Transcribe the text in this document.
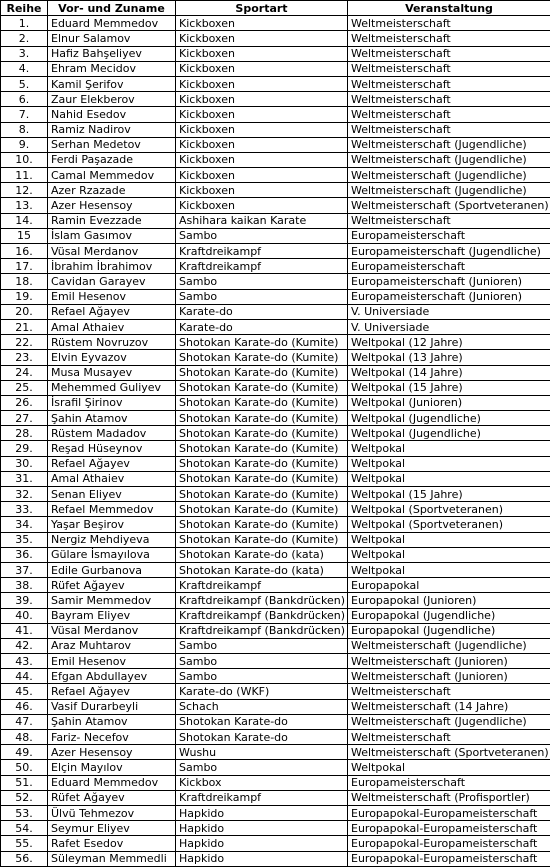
Reihe	Vor- und Zuname	Sportart	Veranstaltung
1.	Eduard Memmedov	Kickboxen	Weltmeisterschaft
2.	Elnur Salamov	Kickboxen	Weltmeisterschaft
3.	Hafiz Bahşeliyev	Kickboxen	Weltmeisterschaft
4.	Ehram Mecidov	Kickboxen	Weltmeisterschaft
5.	Kamil Şerifov	Kickboxen	Weltmeisterschaft
6.	Zaur Elekberov	Kickboxen	Weltmeisterschaft
7.	Nahid Esedov	Kickboxen	Weltmeisterschaft
8.	Ramiz Nadirov	Kickboxen	Weltmeisterschaft
9.	Serhan Medetov	Kickboxen	Weltmeisterschaft (Jugendliche)
10.	Ferdi Paşazade	Kickboxen	Weltmeisterschaft (Jugendliche)
11.	Camal Memmedov	Kickboxen	Weltmeisterschaft (Jugendliche)
12.	Azer Rzazade	Kickboxen	Weltmeisterschaft (Jugendliche)
13.	Azer Hesensoy	Kickboxen	Weltmeisterschaft (Sportveteranen)
14.	Ramin Evezzade	Ashihara kaikan Karate	Weltmeisterschaft
15	İslam Gasımov	Sambo	Europameisterschaft
16.	Vüsal Merdanov	Kraftdreikampf	Europameisterschaft (Jugendliche)
17.	İbrahim İbrahimov	Kraftdreikampf	Europameisterschaft
18.	Cavidan Garayev	Sambo	Europameisterschaft (Junioren)
19.	Emil Hesenov	Sambo	Europameisterschaft (Junioren)
20.	Refael Ağayev	Karate-do	V. Universiade
21.	Amal Athaiev	Karate-do	V. Universiade
22.	Rüstem Novruzov	Shotokan Karate-do (Kumite)	Weltpokal (12 Jahre)
23.	Elvin Eyvazov	Shotokan Karate-do (Kumite)	Weltpokal (13 Jahre)
24.	Musa Musayev	Shotokan Karate-do (Kumite)	Weltpokal (14 Jahre)
25.	Mehemmed Guliyev	Shotokan Karate-do (Kumite)	Weltpokal (15 Jahre)
26.	İsrafil Şirinov	Shotokan Karate-do (Kumite)	Weltpokal (Junioren)
27.	Şahin Atamov	Shotokan Karate-do (Kumite)	Weltpokal (Jugendliche)
28.	Rüstem Madadov	Shotokan Karate-do (Kumite)	Weltpokal (Jugendliche)
29.	Reşad Hüseynov	Shotokan Karate-do (Kumite)	Weltpokal
30.	Refael Ağayev	Shotokan Karate-do (Kumite)	Weltpokal
31.	Amal Athaiev	Shotokan Karate-do (Kumite)	Weltpokal
32.	Senan Eliyev	Shotokan Karate-do (Kumite)	Weltpokal (15 Jahre)
33.	Refael Memmedov	Shotokan Karate-do (Kumite)	Weltpokal (Sportveteranen)
34.	Yaşar Beşirov	Shotokan Karate-do (Kumite)	Weltpokal (Sportveteranen)
35.	Nergiz Mehdiyeva	Shotokan Karate-do (Kumite)	Weltpokal
36.	Gülare İsmayılova	Shotokan Karate-do (kata)	Weltpokal
37.	Edile Gurbanova	Shotokan Karate-do (kata)	Weltpokal
38.	Rüfet Ağayev	Kraftdreikampf	Europapokal
39.	Samir Memmedov	Kraftdreikampf (Bankdrücken)	Europapokal (Junioren)
40.	Bayram Eliyev	Kraftdreikampf (Bankdrücken)	Europapokal (Jugendliche)
41.	Vüsal Merdanov	Kraftdreikampf (Bankdrücken)	Europapokal (Jugendliche)
42.	Araz Muhtarov	Sambo	Weltmeisterschaft (Jugendliche)
43.	Emil Hesenov	Sambo	Weltmeisterschaft (Junioren)
44.	Efgan Abdullayev	Sambo	Weltmeisterschaft (Junioren)
45.	Refael Ağayev	Karate-do (WKF)	Weltmeisterschaft
46.	Vasif Durarbeyli	Schach	Weltmeisterschaft (14 Jahre)
47.	Şahin Atamov	Shotokan Karate-do	Weltmeisterschaft (Jugendliche)
48.	Fariz- Necefov	Shotokan Karate-do	Weltmeisterschaft
49.	Azer Hesensoy	Wushu	Weltmeisterschaft (Sportveteranen)
50.	Elçin Mayılov	Sambo	Weltpokal
51.	Eduard Memmedov	Kickbox	Europameisterschaft
52.	Rüfet Ağayev	Kraftdreikampf	Weltmeisterschaft (Profisportler)
53.	Ülvü Tehmezov	Hapkido	Europapokal-Europameisterschaft
54.	Seymur Eliyev	Hapkido	Europapokal-Europameisterschaft
55.	Rafet Esedov	Hapkido	Europapokal-Europameisterschaft
56.	Süleyman Memmedli	Hapkido	Europapokal-Europameisterschaft
